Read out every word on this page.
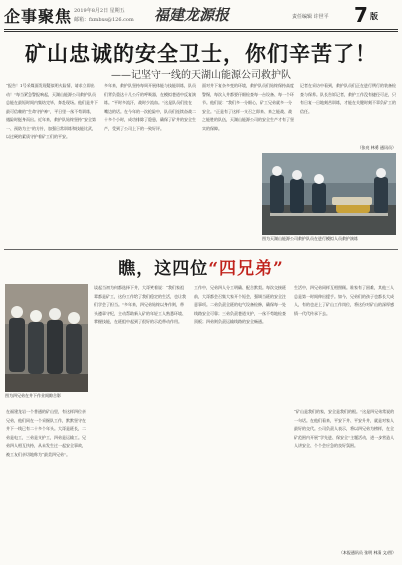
企事聚焦 2019年8月2日 星期五
邮箱：fxmbxs@126.com 福建龙源报	责任编辑 许世平 7 版
矿山忠诚的安全卫士，你们辛苦了！
——记坚守一线的天湖山能源公司救护队
“报告！1号采煤面发现疑似明火险情，请求立即出动！”每当紧急警报响起，天湖山能源公司救护队员总能在最短时间内集结完毕，奔赴现场。他们是井下最可信赖的“生命守护神”，平日里一丝不苟训练，遇险时挺身而出。近年来，救护队始终坚持“安全第一、预防为主”的方针，加强日常训练和技能比武，以过硬的素质守护着矿工们的平安。
多年来，救护队坚持每周开展体能与技能训练，队员们背负重达十几公斤的呼吸器，在模拟巷道中反复演练。“平时多流汗，战时少流血。”这是队员们挂在嘴边的话。在今年的一次抢险中，队员们连续奋战二十多个小时，成功排除了隐患，确保了矿井的安全生产，受到了公司上下的一致好评。
面对井下复杂多变的环境，救护队员们始终保持高度警惕，每次入井都要仔细检查每一台设备、每一个环节。他们说：“我们多一分细心，矿工兄弟就多一分安全。”正是有了这样一支召之即来、来之能战、战之能胜的队伍，天湖山能源公司的安全生产才有了坚实的保障。
记者在采访中看到，救护队员们正在进行例行的装备检查与保养。队长告诉记者，救护工作没有捷径可走，只有日复一日地刻苦训练，才能在关键时刻不辜负矿工的信任。
（张亮 林勇 通讯员）
图为天湖山能源公司救护队员在进行模拟人员救护演练
瞧，这四位“四兄弟”
图为四兄弟在井下作业间隙合影
在福建龙岩一个普通的矿山里，有这样四位亲兄弟，他们同在一个采掘队工作，默默坚守在井下一线已有二十多个年头。大哥是班长，二弟是电工，三弟是支护工，四弟是运输工。兄弟四人相互扶持，从未发生过一起安全事故，被工友们亲切地称为“最美四兄弟”。
谈起当初为何都选择下井，大哥笑着说：“我们家祖辈都是矿工，这份工作给了我们稳定的生活，也让我们学会了担当。”多年来，四兄弟始终以身作则，带头遵章守纪，主动帮助新入矿的年轻工人熟悉环境、掌握技能，在班组中起到了很好的示范带动作用。
工作中，兄弟四人分工明确、配合默契。每次交接班前，大哥都会召集大家开个短会，强调当班的安全注意事项。二弟负责全班的电气设备检修，确保每一处线路安全可靠；三弟负责巷道支护，一丝不苟地检查顶板；四弟则负责运输线路的安全畅通。
生活中，四兄弟同样互相照顾。谁家有了困难，其他三人总是第一时间伸出援手。如今，兄弟们的孩子也都长大成人，有的也走上了矿山工作岗位，将这份对矿山的深厚感情一代代传承下去。
“矿山是我们的家，安全是我们的根。”这是四兄弟常说的一句话。在他们看来，平安下井、平安升井，就是对家人最好的交代。公司负责人表示，将以四兄弟为榜样，在全矿范围内开展“学先进、保安全”主题活动，进一步营造人人讲安全、个个会应急的良好氛围。
（本报通讯员 张明 林清 文/图）
